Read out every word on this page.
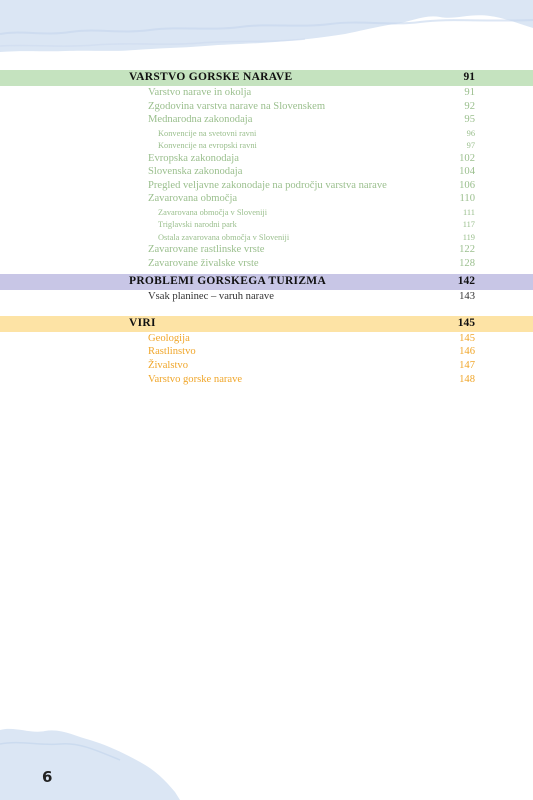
VARSTVO GORSKE NARAVE	91
Varstvo narave in okolja	91
Zgodovina varstva narave na Slovenskem	92
Mednarodna zakonodaja	95
Konvencije na svetovni ravni	96
Konvencije na evropski ravni	97
Evropska zakonodaja	102
Slovenska zakonodaja	104
Pregled veljavne zakonodaje na področju varstva narave	106
Zavarovana območja	110
Zavarovana območja v Sloveniji	111
Triglavski narodni park	117
Ostala zavarovana območja v Sloveniji	119
Zavarovane rastlinske vrste	122
Zavarovane živalske vrste	128
PROBLEMI GORSKEGA TURIZMA	142
Vsak planinec – varuh narave	143
VIRI	145
Geologija	145
Rastlinstvo	146
Živalstvo	147
Varstvo gorske narave	148
6
